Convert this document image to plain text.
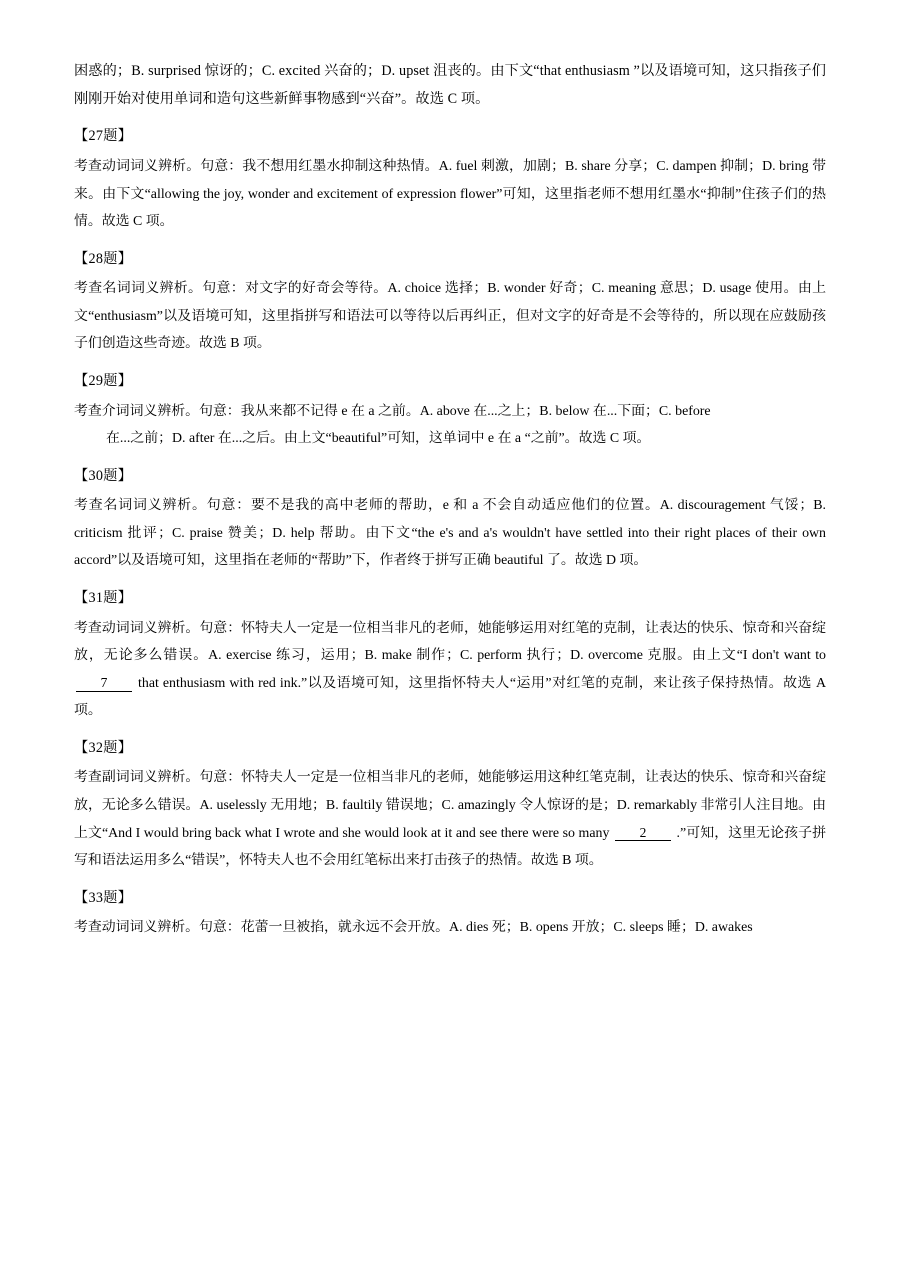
困惑的；B. surprised 惊讶的；C. excited 兴奋的；D. upset 沮丧的。由下文“that enthusiasm ”以及语境可知，这只指孩子们刚刚开始对使用单词和造句这些新鲜事物感到“兴奋”。故选 C 项。

【27题】

考查动词词义辨析。句意：我不想用红墨水抑制这种热情。A. fuel 刺激，加剧；B. share 分享；C. dampen 抑制；D. bring 带来。由下文“allowing the joy, wonder and excitement of expression flower”可知，这里指老师不想用红墨水“抑制”住孩子们的热情。故选 C 项。

【28题】

考查名词词义辨析。句意：对文字的好奇会等待。A. choice 选择；B. wonder 好奇；C. meaning 意思；D. usage 使用。由上文“enthusiasm”以及语境可知，这里指拼写和语法可以等待以后再纠正，但对文字的好奇是不会等待的，所以现在应鼓励孩子们创造这些奇迹。故选 B 项。

【29题】

考查介词词义辨析。句意：我从来都不记得 e 在 a 之前。A. above 在...之上；B. below 在...下面；C. before
在...之前；D. after 在...之后。由上文“beautiful”可知，这单词中 e 在 a “之前”。故选 C 项。

【30题】

考查名词词义辨析。句意：要不是我的高中老师的帮助，e 和 a 不会自动适应他们的位置。A. discouragement 气馁；B. criticism 批评；C. praise 赞美；D. help 帮助。由下文“the e's and a's wouldn't have settled into their right places of their own accord”以及语境可知，这里指在老师的“帮助”下，作者终于拼写正确 beautiful 了。故选 D 项。

【31题】

考查动词词义辨析。句意：怀特夫人一定是一位相当非凡的老师，她能够运用对红笔的克制，让表达的快乐、惊奇和兴奋绽放，无论多么错误。A. exercise 练习，运用；B. make 制作；C. perform 执行；D. overcome 克服。由上文“I don't want to 7 that enthusiasm with red ink.”以及语境可知，这里指怀特夫人“运用”对红笔的克制，来让孩子保持热情。故选 A 项。

【32题】

考查副词词义辨析。句意：怀特夫人一定是一位相当非凡的老师，她能够运用这种红笔克制，让表达的快乐、惊奇和兴奋绽放，无论多么错误。A. uselessly 无用地；B. faultily 错误地；C. amazingly 令人惊讶的是；D. remarkably 非常引人注目地。由上文“And I would bring back what I wrote and she would look at it and see there were so many 2 .”可知，这里无论孩子拼写和语法运用多么“错误”，怀特夫人也不会用红笔标出来打击孩子的热情。故选 B 项。

【33题】

考查动词词义辨析。句意：花蕾一旦被掐，就永远不会开放。A. dies 死；B. opens 开放；C. sleeps 睡；D. awakes
